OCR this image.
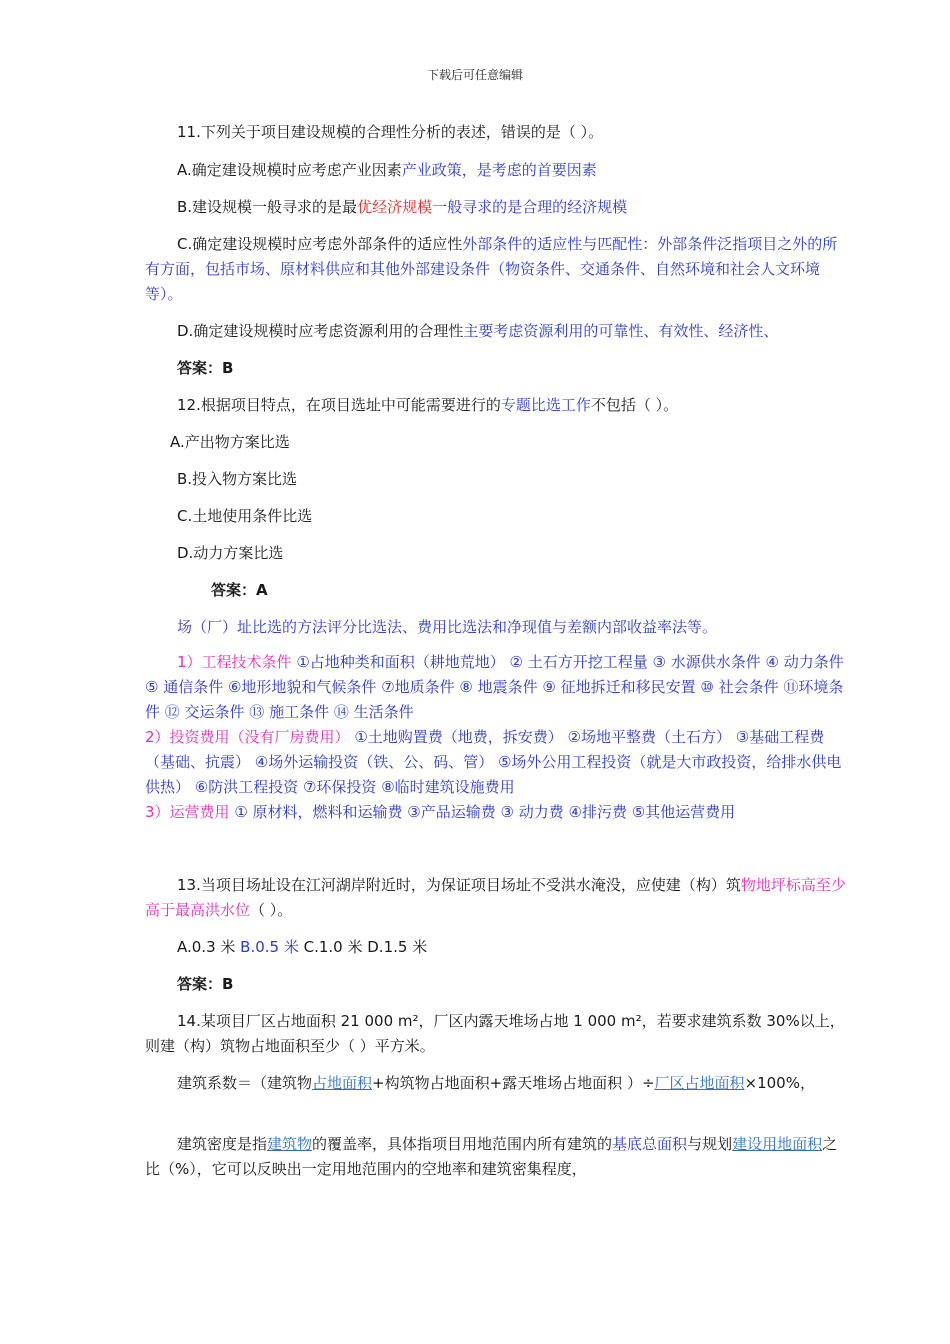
下载后可任意编辑

11.下列关于项目建设规模的合理性分析的表述，错误的是（ ）。

A.确定建设规模时应考虑产业因素产业政策，是考虑的首要因素

B.建设规模一般寻求的是最优经济规模一般寻求的是合理的经济规模

C.确定建设规模时应考虑外部条件的适应性外部条件的适应性与匹配性：外部条件泛指项目之外的所有方面，包括市场、原材料供应和其他外部建设条件（物资条件、交通条件、自然环境和社会人文环境等）。

D.确定建设规模时应考虑资源利用的合理性主要考虑资源利用的可靠性、有效性、经济性、

答案：B

12.根据项目特点，在项目选址中可能需要进行的专题比选工作不包括（ ）。

A.产出物方案比选

B.投入物方案比选

C.土地使用条件比选

D.动力方案比选

答案：A

场（厂）址比选的方法评分比选法、费用比选法和净现值与差额内部收益率法等。

1）工程技术条件 ①占地种类和面积（耕地荒地） ② 土石方开挖工程量 ③ 水源供水条件 ④ 动力条件 ⑤ 通信条件 ⑥地形地貌和气候条件 ⑦地质条件 ⑧ 地震条件 ⑨ 征地拆迁和移民安置 ⑩ 社会条件 ⑪环境条件 ⑫ 交运条件 ⑬ 施工条件 ⑭ 生活条件
2）投资费用（没有厂房费用） ①土地购置费（地费，拆安费） ②场地平整费（土石方） ③基础工程费（基础、抗震） ④场外运输投资（铁、公、码、管） ⑤场外公用工程投资（就是大市政投资，给排水供电供热） ⑥防洪工程投资 ⑦环保投资 ⑧临时建筑设施费用
3）运营费用 ① 原材料，燃料和运输费 ③产品运输费 ③ 动力费 ④排污费 ⑤其他运营费用

13.当项目场址设在江河湖岸附近时，为保证项目场址不受洪水淹没，应使建（构）筑物地坪标高至少高于最高洪水位（ ）。

A.0.3 米 B.0.5 米 C.1.0 米 D.1.5 米

答案：B

14.某项目厂区占地面积 21 000 m²，厂区内露天堆场占地 1 000 m²，若要求建筑系数 30%以上，则建（构）筑物占地面积至少（ ）平方米。

建筑系数＝（建筑物占地面积+构筑物占地面积+露天堆场占地面积 ）÷厂区占地面积×100%，

建筑密度是指建筑物的覆盖率，具体指项目用地范围内所有建筑的基底总面积与规划建设用地面积之比（%），它可以反映出一定用地范围内的空地率和建筑密集程度，
